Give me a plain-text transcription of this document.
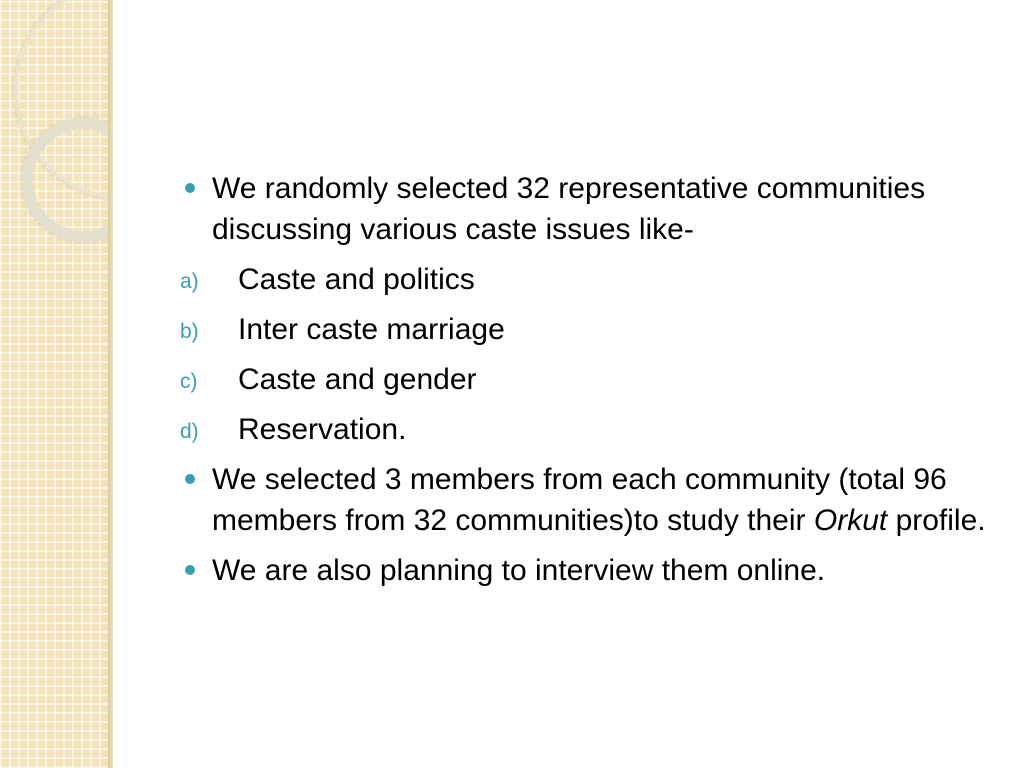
We randomly selected 32 representative communities discussing various caste issues like-
a) Caste and politics
b) Inter caste marriage
c) Caste and gender
d) Reservation.
We selected 3 members from each community (total 96 members from 32 communities)to study their Orkut profile.
We are also planning to interview them online.
